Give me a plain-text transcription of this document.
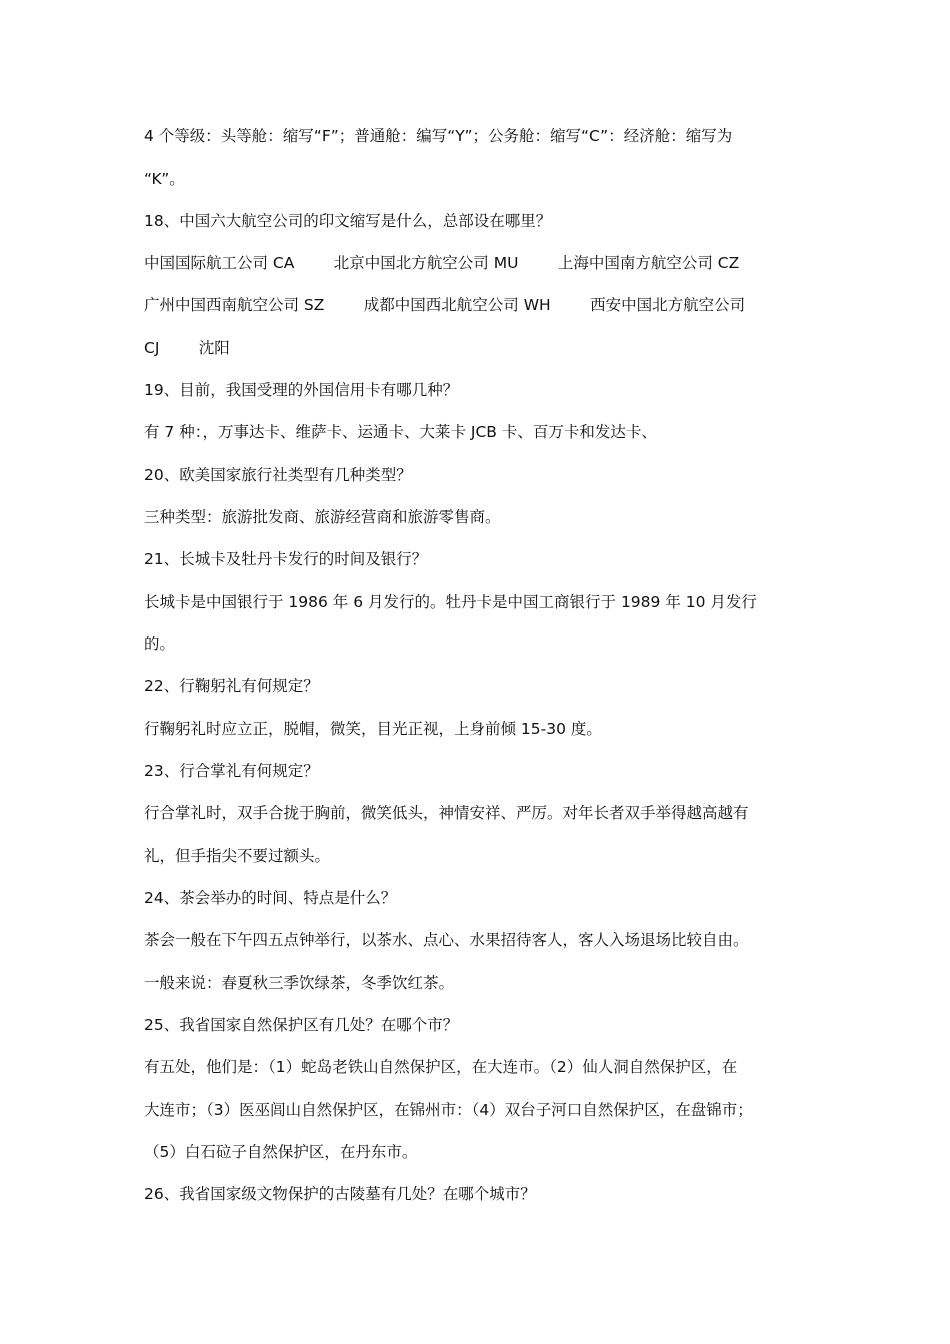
4 个等级：头等舱：缩写“F”；普通舱：编写“Y”；公务舱：缩写“C”：经济舱：缩写为
“K”。
18、中国六大航空公司的印文缩写是什么，总部设在哪里？
中国国际航工公司 CA        北京中国北方航空公司 MU        上海中国南方航空公司 CZ
广州中国西南航空公司 SZ        成都中国西北航空公司 WH        西安中国北方航空公司
CJ        沈阳
19、目前，我国受理的外国信用卡有哪几种？
有 7 种：，万事达卡、维萨卡、运通卡、大莱卡 JCB 卡、百万卡和发达卡、
20、欧美国家旅行社类型有几种类型？
三种类型：旅游批发商、旅游经营商和旅游零售商。
21、长城卡及牡丹卡发行的时间及银行？
长城卡是中国银行于 1986 年 6 月发行的。牡丹卡是中国工商银行于 1989 年 10 月发行
的。
22、行鞠躬礼有何规定？
行鞠躬礼时应立正，脱帽，微笑，目光正视，上身前倾 15-30 度。
23、行合掌礼有何规定？
行合掌礼时，双手合拢于胸前，微笑低头，神情安祥、严厉。对年长者双手举得越高越有
礼，但手指尖不要过额头。
24、茶会举办的时间、特点是什么？
茶会一般在下午四五点钟举行，以茶水、点心、水果招待客人，客人入场退场比较自由。
一般来说：春夏秋三季饮绿茶，冬季饮红茶。
25、我省国家自然保护区有几处？在哪个市？
有五处，他们是：（1）蛇岛老铁山自然保护区，在大连市。（2）仙人洞自然保护区，在
大连市；（3）医巫闾山自然保护区，在锦州市：（4）双台子河口自然保护区，在盘锦市；
（5）白石砬子自然保护区，在丹东市。
26、我省国家级文物保护的古陵墓有几处？在哪个城市？
